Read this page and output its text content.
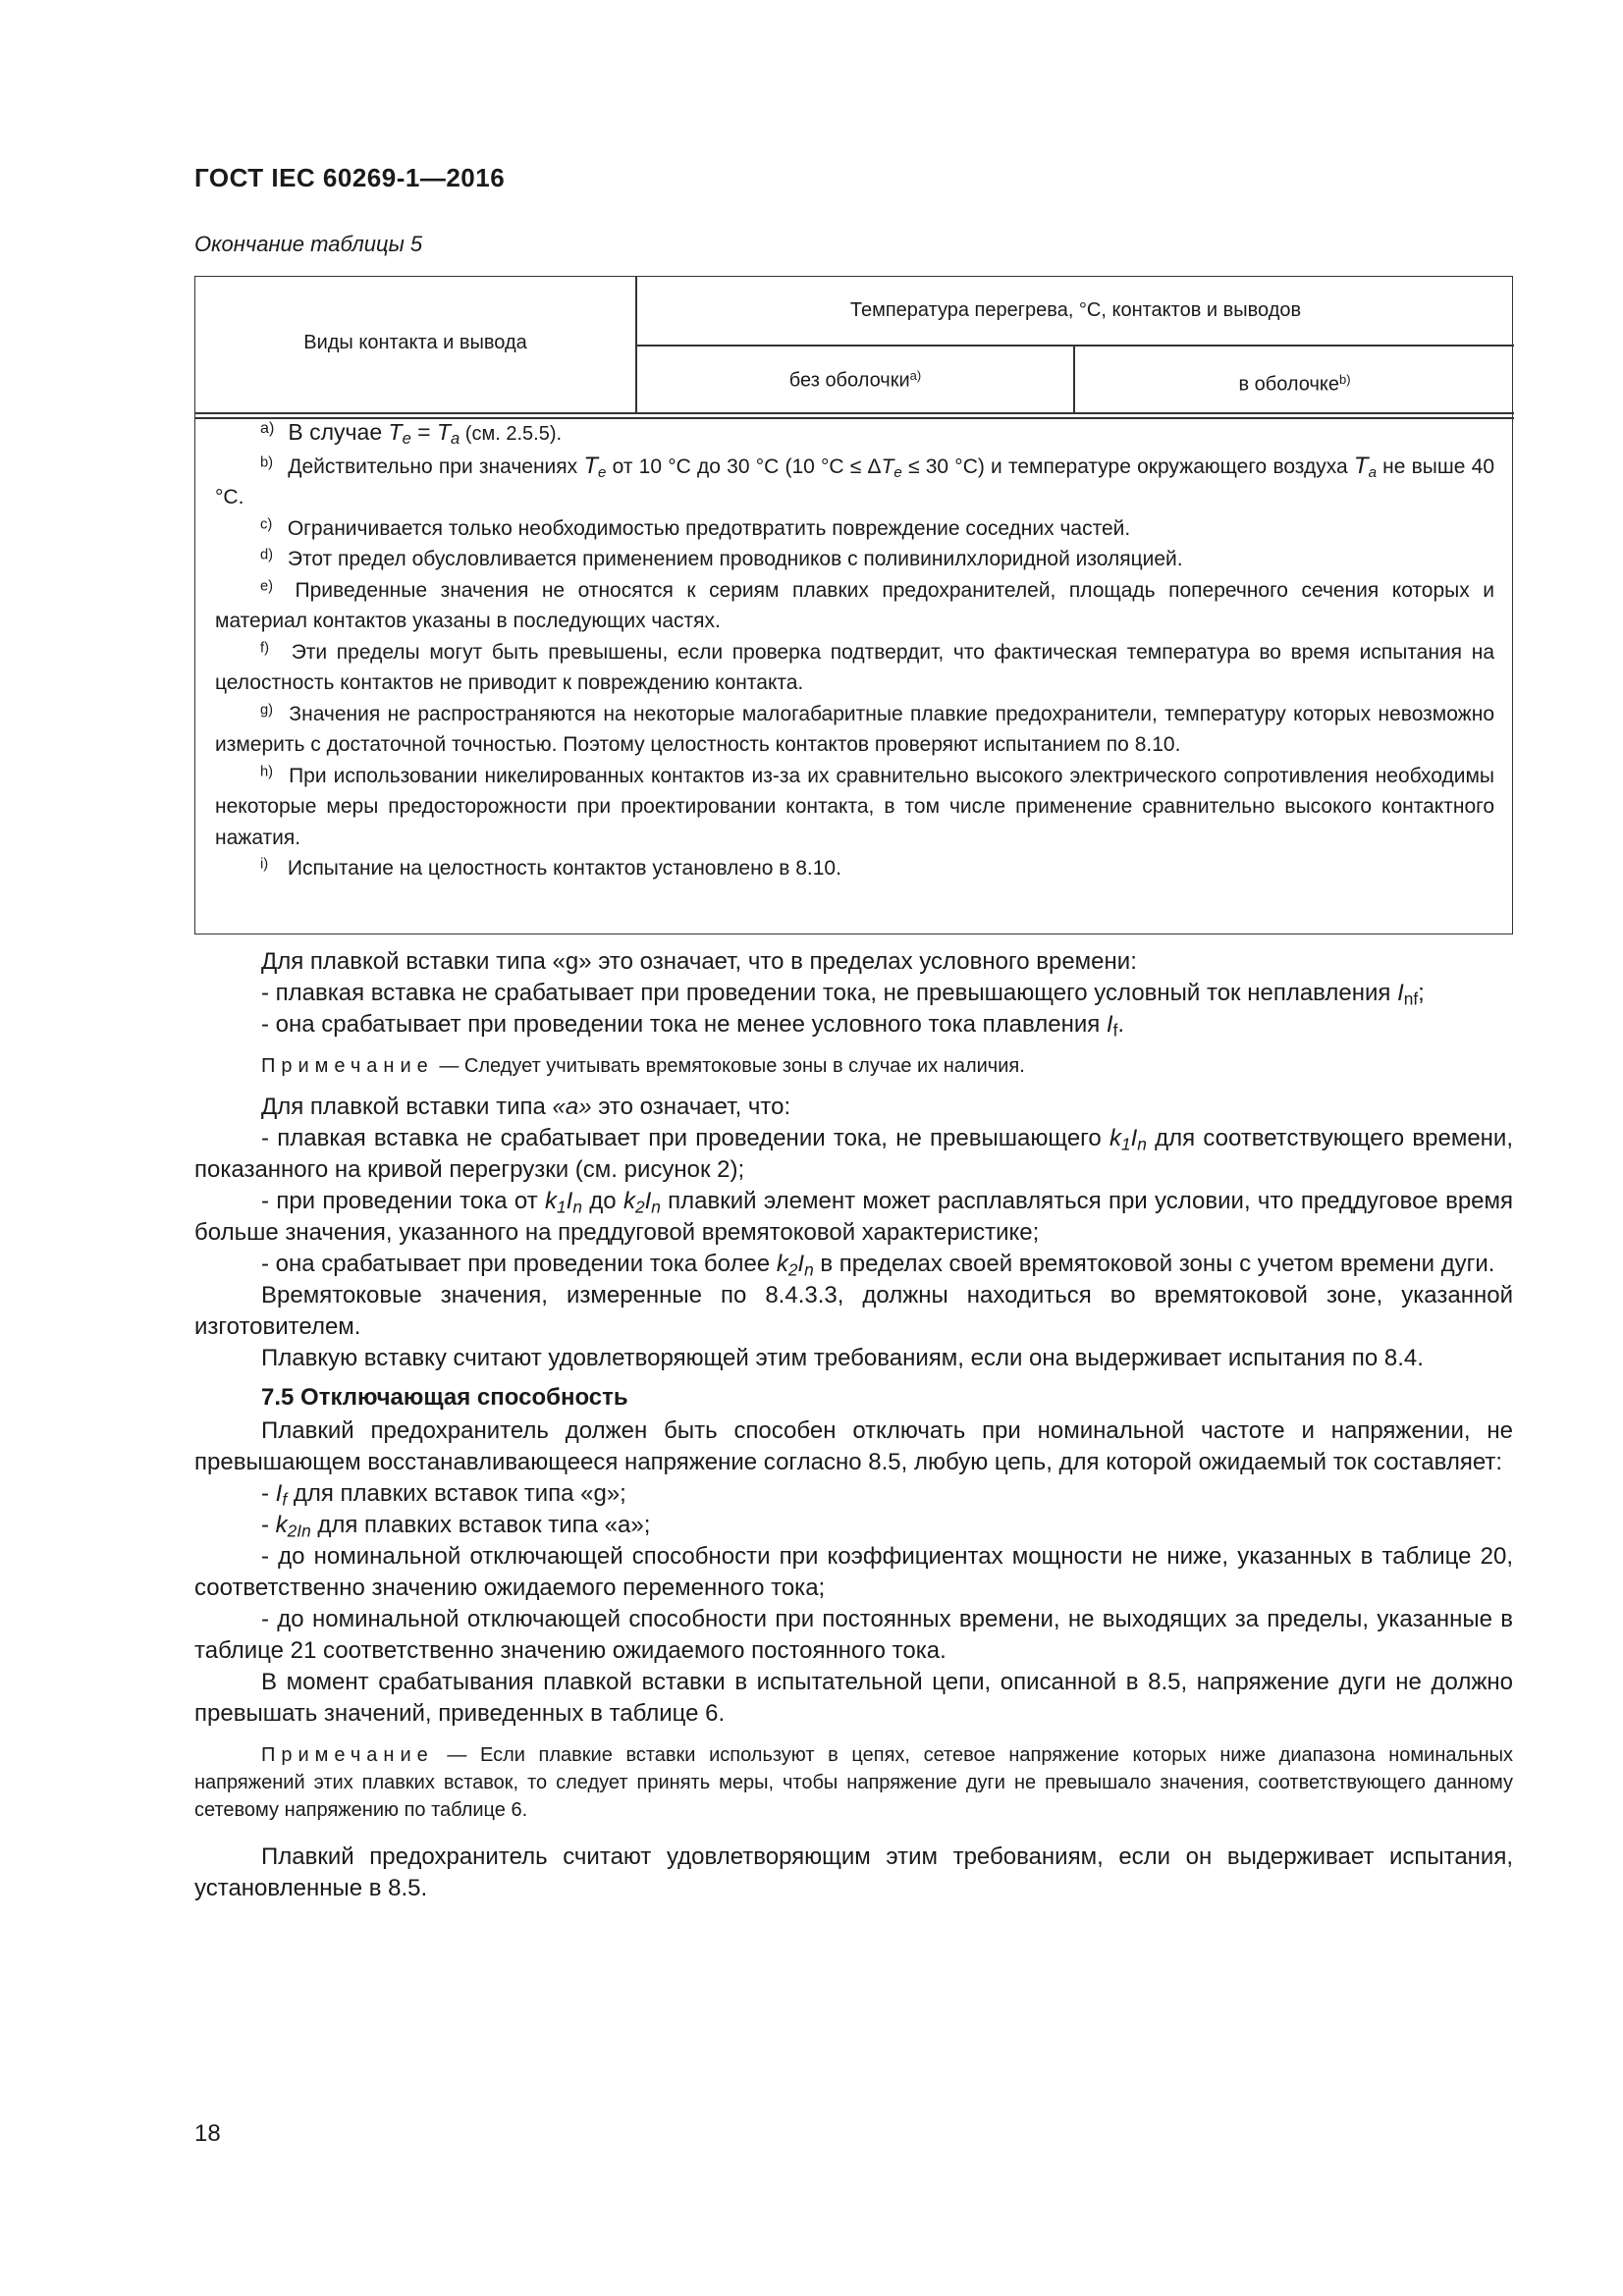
ГОСТ IEC 60269-1—2016
Окончание таблицы 5
Виды контакта и вывода
Температура перегрева, °С, контактов и выводов
без оболочки$^{a)}$	в оболочке$^{b)}$

$^{a)}$ В случае $T_e = T_a$ (см. 2.5.5).

$^{b)}$ Действительно при значениях $T_e$ от 10 °С до 30 °С (10 $^\circ С \le \Delta T_e \le 30$ °С) и температуре окружающего воздуха $T_a$ не выше 40 °С.

$^{c)}$ Ограничивается только необходимостью предотвратить повреждение соседних частей.

$^{d)}$ Этот предел обусловливается применением проводников с поливинилхлоридной изоляцией.

$^{e)}$ Приведенные значения не относятся к сериям плавких предохранителей, площадь поперечного сечения которых и материал контактов указаны в последующих частях.

$^{f)}$ Эти пределы могут быть превышены, если проверка подтвердит, что фактическая температура во время испытания на целостность контактов не приводит к повреждению контакта.

$^{g)}$ Значения не распространяются на некоторые малогабаритные плавкие предохранители, температуру которых невозможно измерить с достаточной точностью. Поэтому целостность контактов проверяют испытанием по 8.10.

$^{h)}$ При использовании никелированных контактов из-за их сравнительно высокого электрического сопротивления необходимы некоторые меры предосторожности при проектировании контакта, в том числе применение сравнительно высокого контактного нажатия.

$^{i)}$ Испытание на целостность контактов установлено в 8.10.

Для плавкой вставки типа «g» это означает, что в пределах условного времени:

- плавкая вставка не срабатывает при проведении тока, не превышающего условный ток неплавления $I_{nf}$;

- она срабатывает при проведении тока не менее условного тока плавления $I_f$.

Примечание — Следует учитывать времятоковые зоны в случае их наличия.

Для плавкой вставки типа «a» это означает, что:

- плавкая вставка не срабатывает при проведении тока, не превышающего $k_1I_n$ для соответствующего времени, показанного на кривой перегрузки (см. рисунок 2);

- при проведении тока от $k_1I_n$ до $k_2I_n$ плавкий элемент может расплавляться при условии, что преддуговое время больше значения, указанного на преддуговой времятоковой характеристике;

- она срабатывает при проведении тока более $k_2I_n$ в пределах своей времятоковой зоны с учетом времени дуги.

Времятоковые значения, измеренные по 8.4.3.3, должны находиться во времятоковой зоне, указанной изготовителем.

Плавкую вставку считают удовлетворяющей этим требованиям, если она выдерживает испытания по 8.4.

7.5 Отключающая способность

Плавкий предохранитель должен быть способен отключать при номинальной частоте и напряжении, не превышающем восстанавливающееся напряжение согласно 8.5, любую цепь, для которой ожидаемый ток составляет:

- $I_f$ для плавких вставок типа «g»;

- $k_{2In}$ для плавких вставок типа «a»;

- до номинальной отключающей способности при коэффициентах мощности не ниже, указанных в таблице 20, соответственно значению ожидаемого переменного тока;

- до номинальной отключающей способности при постоянных времени, не выходящих за пределы, указанные в таблице 21 соответственно значению ожидаемого постоянного тока.

В момент срабатывания плавкой вставки в испытательной цепи, описанной в 8.5, напряжение дуги не должно превышать значений, приведенных в таблице 6.

Примечание — Если плавкие вставки используют в цепях, сетевое напряжение которых ниже диапазона номинальных напряжений этих плавких вставок, то следует принять меры, чтобы напряжение дуги не превышало значения, соответствующего данному сетевому напряжению по таблице 6.

Плавкий предохранитель считают удовлетворяющим этим требованиям, если он выдерживает испытания, установленные в 8.5.

18
